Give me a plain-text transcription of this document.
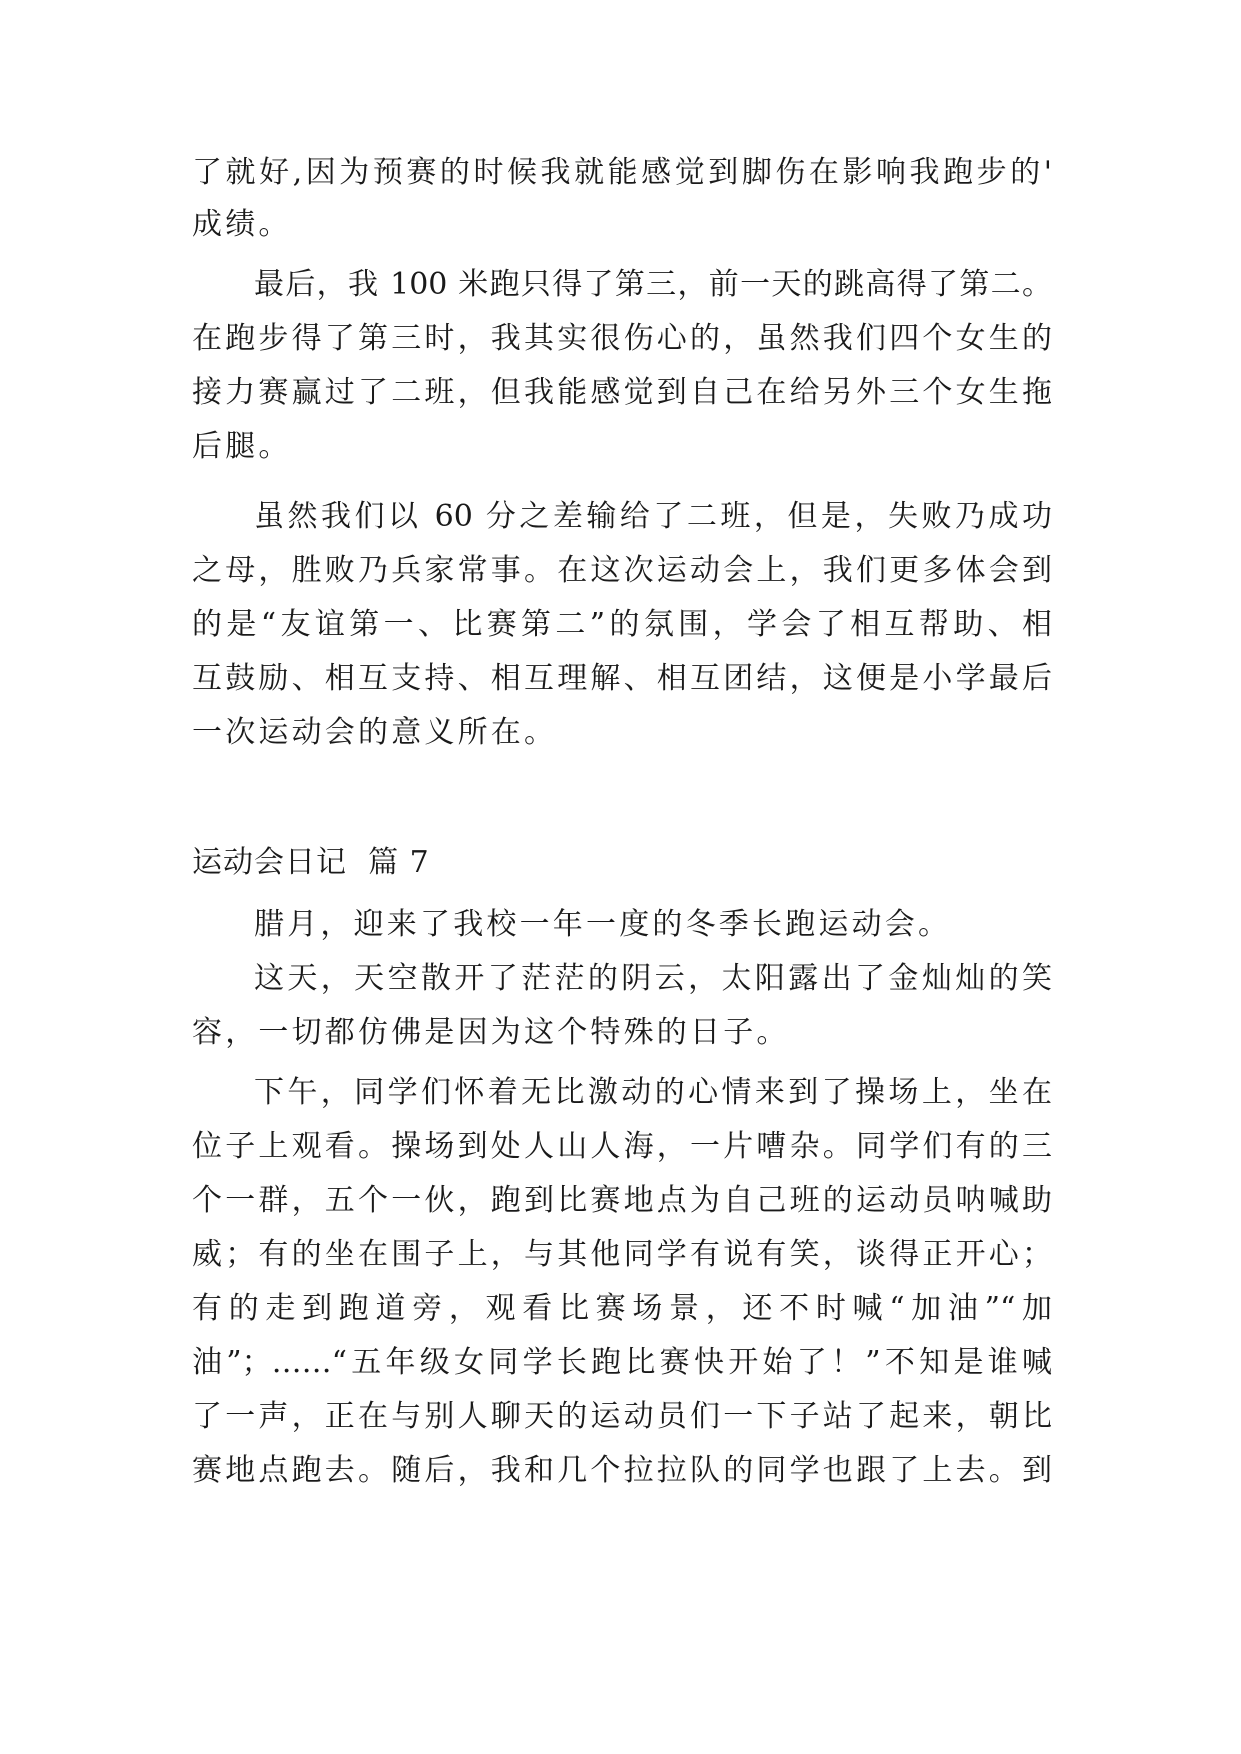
了就好,因为预赛的时候我就能感觉到脚伤在影响我跑步的'
成绩。
最后，我 100 米跑只得了第三，前一天的跳高得了第二。
在跑步得了第三时，我其实很伤心的，虽然我们四个女生的
接力赛赢过了二班，但我能感觉到自己在给另外三个女生拖
后腿。
虽然我们以 60 分之差输给了二班，但是，失败乃成功
之母，胜败乃兵家常事。在这次运动会上，我们更多体会到
的是“友谊第一、比赛第二”的氛围，学会了相互帮助、相
互鼓励、相互支持、相互理解、相互团结，这便是小学最后
一次运动会的意义所在。
运动会日记  篇 7
腊月，迎来了我校一年一度的冬季长跑运动会。
这天，天空散开了茫茫的阴云，太阳露出了金灿灿的笑
容，一切都仿佛是因为这个特殊的日子。
下午，同学们怀着无比激动的心情来到了操场上，坐在
位子上观看。操场到处人山人海，一片嘈杂。同学们有的三
个一群，五个一伙，跑到比赛地点为自己班的运动员呐喊助
威；有的坐在围子上，与其他同学有说有笑，谈得正开心；
有的走到跑道旁，观看比赛场景，还不时喊“加油”“加
油”；……“五年级女同学长跑比赛快开始了！”不知是谁喊
了一声，正在与别人聊天的运动员们一下子站了起来，朝比
赛地点跑去。随后，我和几个拉拉队的同学也跟了上去。到
